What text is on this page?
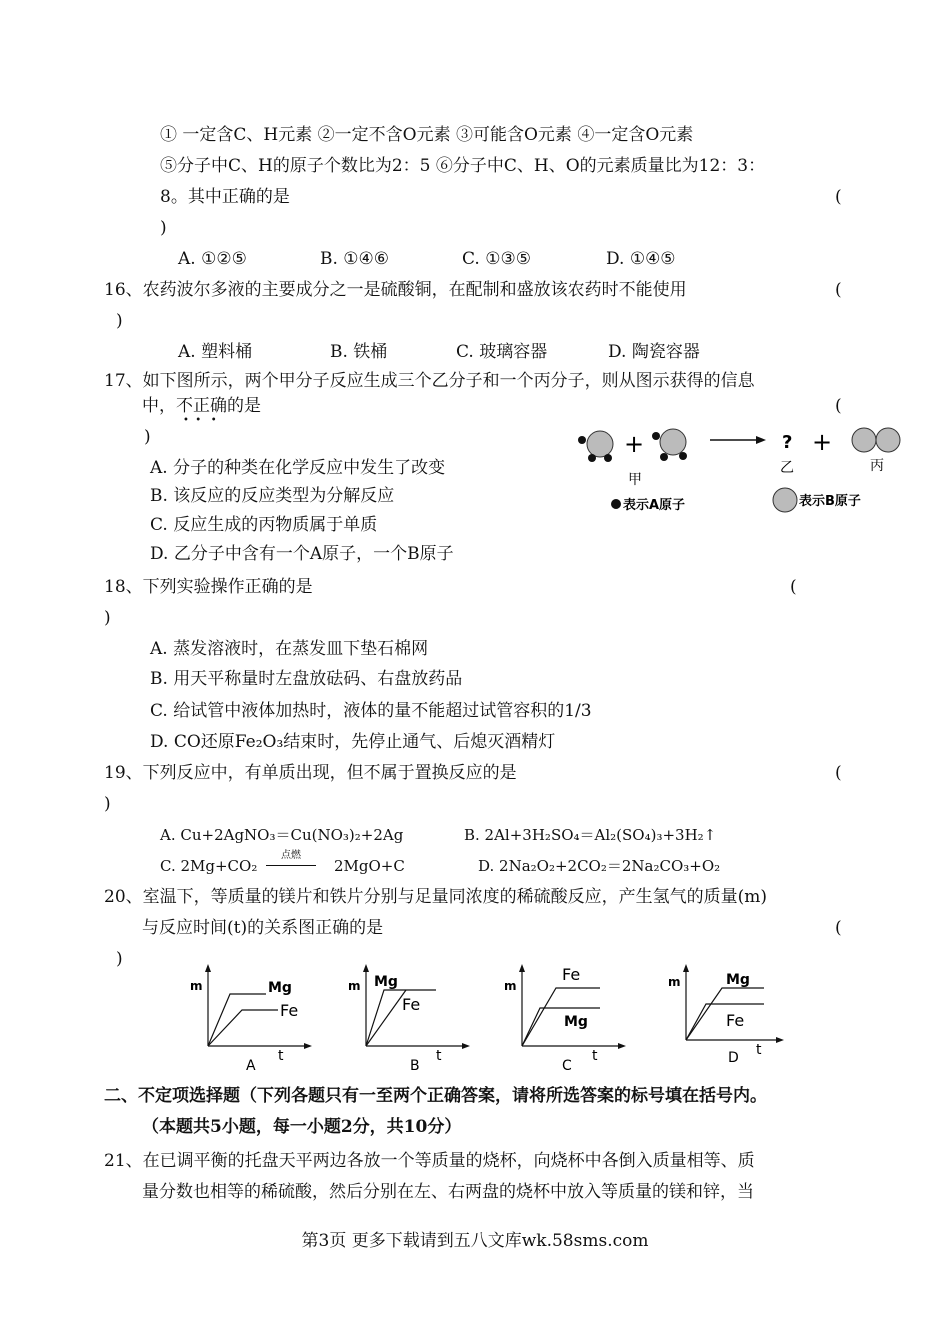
① 一定含C、H元素 ②一定不含O元素 ③可能含O元素 ④一定含O元素
⑤分子中C、H的原子个数比为2：5 ⑥分子中C、H、O的元素质量比为12：3：
8。其中正确的是	(
)
A. ①②⑤	B. ①④⑥	C. ①③⑤	D. ①④⑤
16、农药波尔多液的主要成分之一是硫酸铜，在配制和盛放该农药时不能使用	(
)
A. 塑料桶	B. 铁桶	C. 玻璃容器	D. 陶瓷容器
17、如下图所示，两个甲分子反应生成三个乙分子和一个丙分子，则从图示获得的信息
中，不正确的是
•  •   •
(
)
A. 分子的种类在化学反应中发生了改变
B. 该反应的反应类型为分解反应
C. 反应生成的丙物质属于单质
D. 乙分子中含有一个A原子，一个B原子
+
甲
?
乙
+
丙
表示A原子	表示B原子
18、下列实验操作正确的是	(
)
A. 蒸发溶液时，在蒸发皿下垫石棉网
B. 用天平称量时左盘放砝码、右盘放药品
C. 给试管中液体加热时，液体的量不能超过试管容积的1/3
D. CO还原Fe₂O₃结束时，先停止通气、后熄灭酒精灯
19、下列反应中，有单质出现，但不属于置换反应的是	(
)
A. Cu+2AgNO₃＝Cu(NO₃)₂+2Ag	B. 2Al+3H₂SO₄＝Al₂(SO₄)₃+3H₂↑
C. 2Mg+CO₂
点燃
2MgO+C	D. 2Na₂O₂+2CO₂＝2Na₂CO₃+O₂
20、室温下，等质量的镁片和铁片分别与足量同浓度的稀硫酸反应，产生氢气的质量(m)
与反应时间(t)的关系图正确的是	(
)
m	Mg
Fe
A
t
m Mg
Fe
B
t
m
Fe
Mg
C
t
m	Mg
Fe
D t
二、不定项选择题（下列各题只有一至两个正确答案，请将所选答案的标号填在括号内。
（本题共5小题，每一小题2分，共10分）
21、在已调平衡的托盘天平两边各放一个等质量的烧杯，向烧杯中各倒入质量相等、质
量分数也相等的稀硫酸，然后分别在左、右两盘的烧杯中放入等质量的镁和锌，当
第3页 更多下载请到五八文库wk.58sms.com
